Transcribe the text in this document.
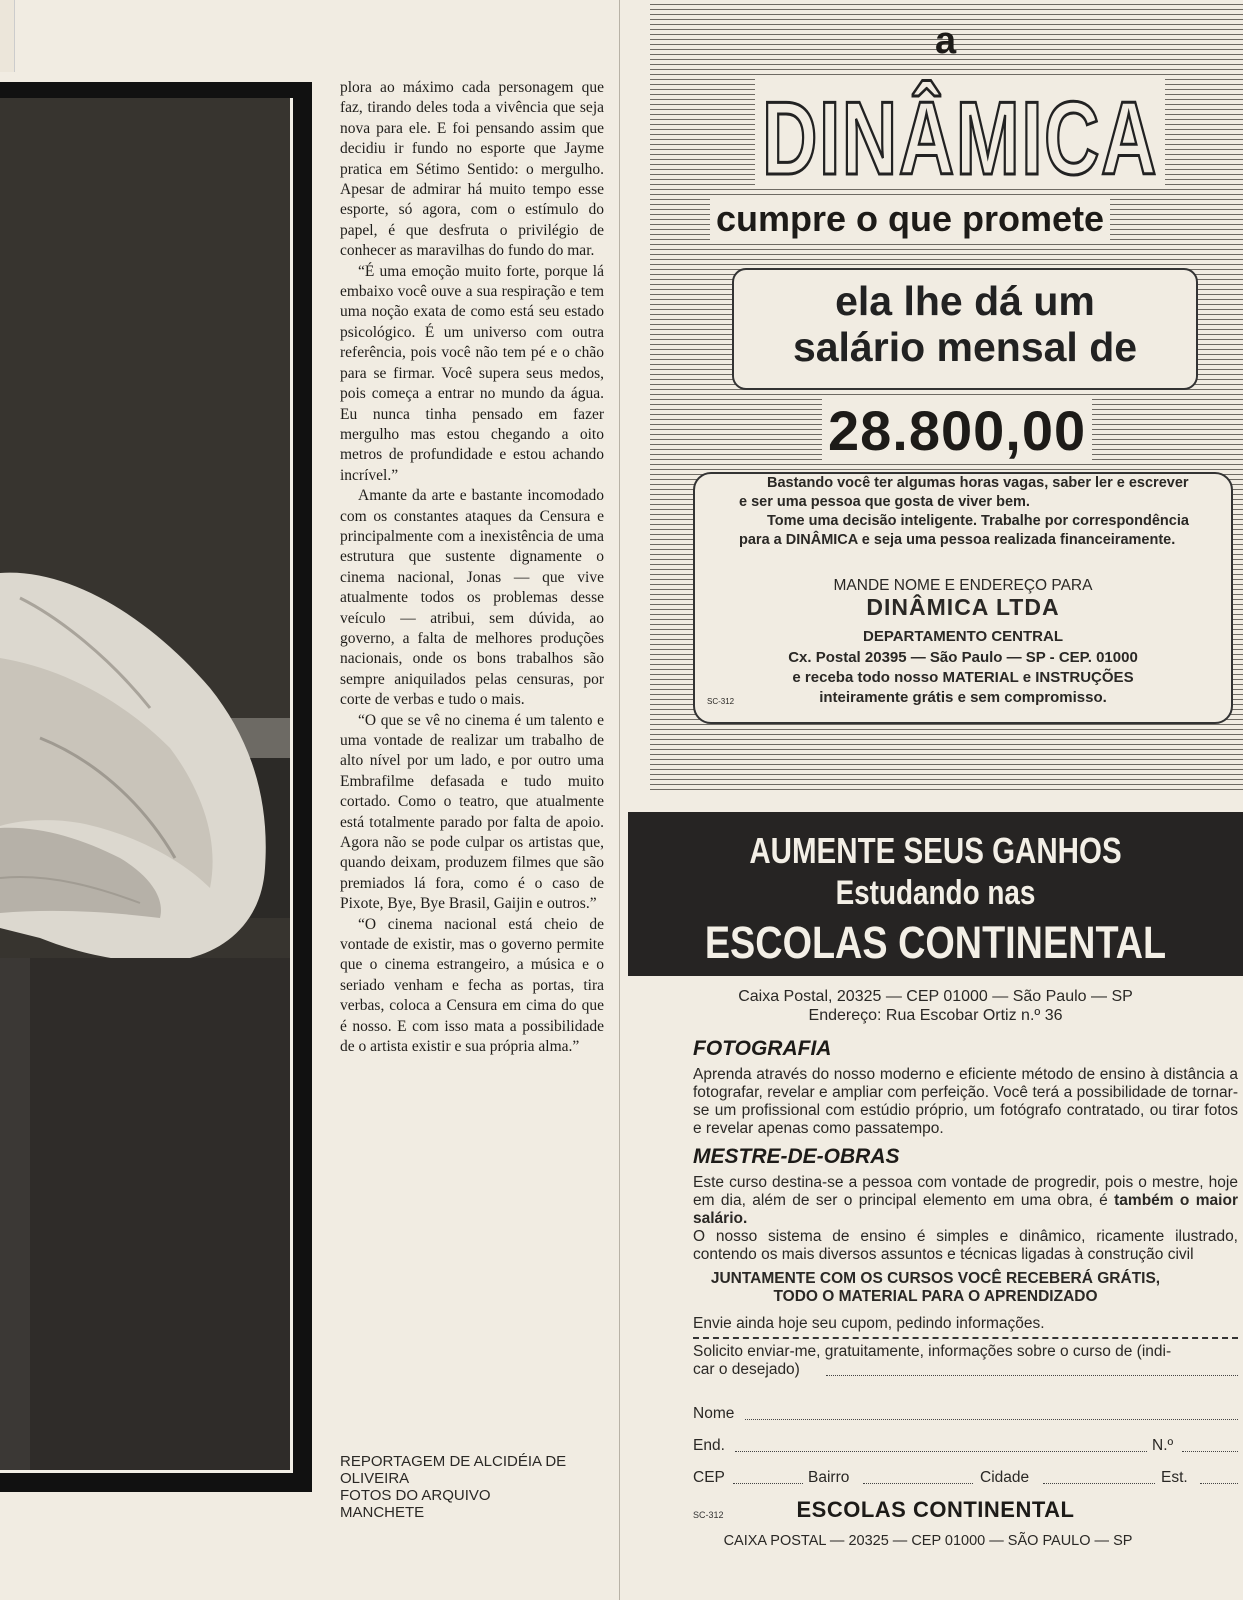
plora ao máximo cada personagem que faz, tirando deles toda a vivência que seja nova para ele. E foi pensando assim que decidiu ir fundo no esporte que Jayme pratica em Sétimo Sentido: o mergulho. Apesar de admirar há muito tempo esse esporte, só agora, com o estímulo do papel, é que desfruta o privilégio de conhecer as maravilhas do fundo do mar.

“É uma emoção muito forte, porque lá embaixo você ouve a sua respiração e tem uma noção exata de como está seu estado psicológico. É um universo com outra referência, pois você não tem pé e o chão para se firmar. Você supera seus medos, pois começa a entrar no mundo da água. Eu nunca tinha pensado em fazer mergulho mas estou chegando a oito metros de profundidade e estou achando incrível.”

Amante da arte e bastante incomodado com os constantes ataques da Censura e principalmente com a inexistência de uma estrutura que sustente dignamente o cinema nacional, Jonas — que vive atualmente todos os problemas desse veículo — atribui, sem dúvida, ao governo, a falta de melhores produções nacionais, onde os bons trabalhos são sempre aniquilados pelas censuras, por corte de verbas e tudo o mais.

“O que se vê no cinema é um talento e uma vontade de realizar um trabalho de alto nível por um lado, e por outro uma Embrafilme defasada e tudo muito cortado. Como o teatro, que atualmente está totalmente parado por falta de apoio. Agora não se pode culpar os artistas que, quando deixam, produzem filmes que são premiados lá fora, como é o caso de Pixote, Bye, Bye Brasil, Gaijin e outros.”

“O cinema nacional está cheio de vontade de existir, mas o governo permite que o cinema estrangeiro, a música e o seriado venham e fecha as portas, tira verbas, coloca a Censura em cima do que é nosso. E com isso mata a possibilidade de o artista existir e sua própria alma.”

REPORTAGEM DE ALCIDÉIA DE
OLIVEIRA
FOTOS DO ARQUIVO
MANCHETE
a
DINÂMICA
cumpre o que promete
ela lhe dá um
salário mensal de
28.800,00
Bastando você ter algumas horas vagas, saber ler e escrever e ser uma pessoa que gosta de viver bem.
Tome uma decisão inteligente. Trabalhe por correspondência para a DINÂMICA e seja uma pessoa realizada financeiramente.
MANDE NOME E ENDEREÇO PARA
DINÂMICA LTDA
DEPARTAMENTO CENTRAL
Cx. Postal 20395 — São Paulo — SP - CEP. 01000
e receba todo nosso MATERIAL e INSTRUÇÕES
inteiramente grátis e sem compromisso.
SC-312
AUMENTE SEUS GANHOS
Estudando nas
ESCOLAS CONTINENTAL
Caixa Postal, 20325 — CEP 01000 — São Paulo — SP
Endereço: Rua Escobar Ortiz n.º 36
FOTOGRAFIA
Aprenda através do nosso moderno e eficiente método de ensino à distância a fotografar, revelar e ampliar com perfeição. Você terá a possibilidade de tornar-se um profissional com estúdio próprio, um fotógrafo contratado, ou tirar fotos e revelar apenas como passatempo.
MESTRE-DE-OBRAS
Este curso destina-se a pessoa com vontade de progredir, pois o mestre, hoje em dia, além de ser o principal elemento em uma obra, é também o maior salário.
O nosso sistema de ensino é simples e dinâmico, ricamente ilustrado, contendo os mais diversos assuntos e técnicas ligadas à construção civil
JUNTAMENTE COM OS CURSOS VOCÊ RECEBERÁ GRÁTIS,
TODO O MATERIAL PARA O APRENDIZADO
Envie ainda hoje seu cupom, pedindo informações.
Solicito enviar-me, gratuitamente, informações sobre o curso de (indi-
car o desejado)
Nome
End.	N.º
CEP	Bairro	Cidade	Est.
SC-312	ESCOLAS CONTINENTAL
CAIXA POSTAL — 20325 — CEP 01000 — SÃO PAULO — SP
